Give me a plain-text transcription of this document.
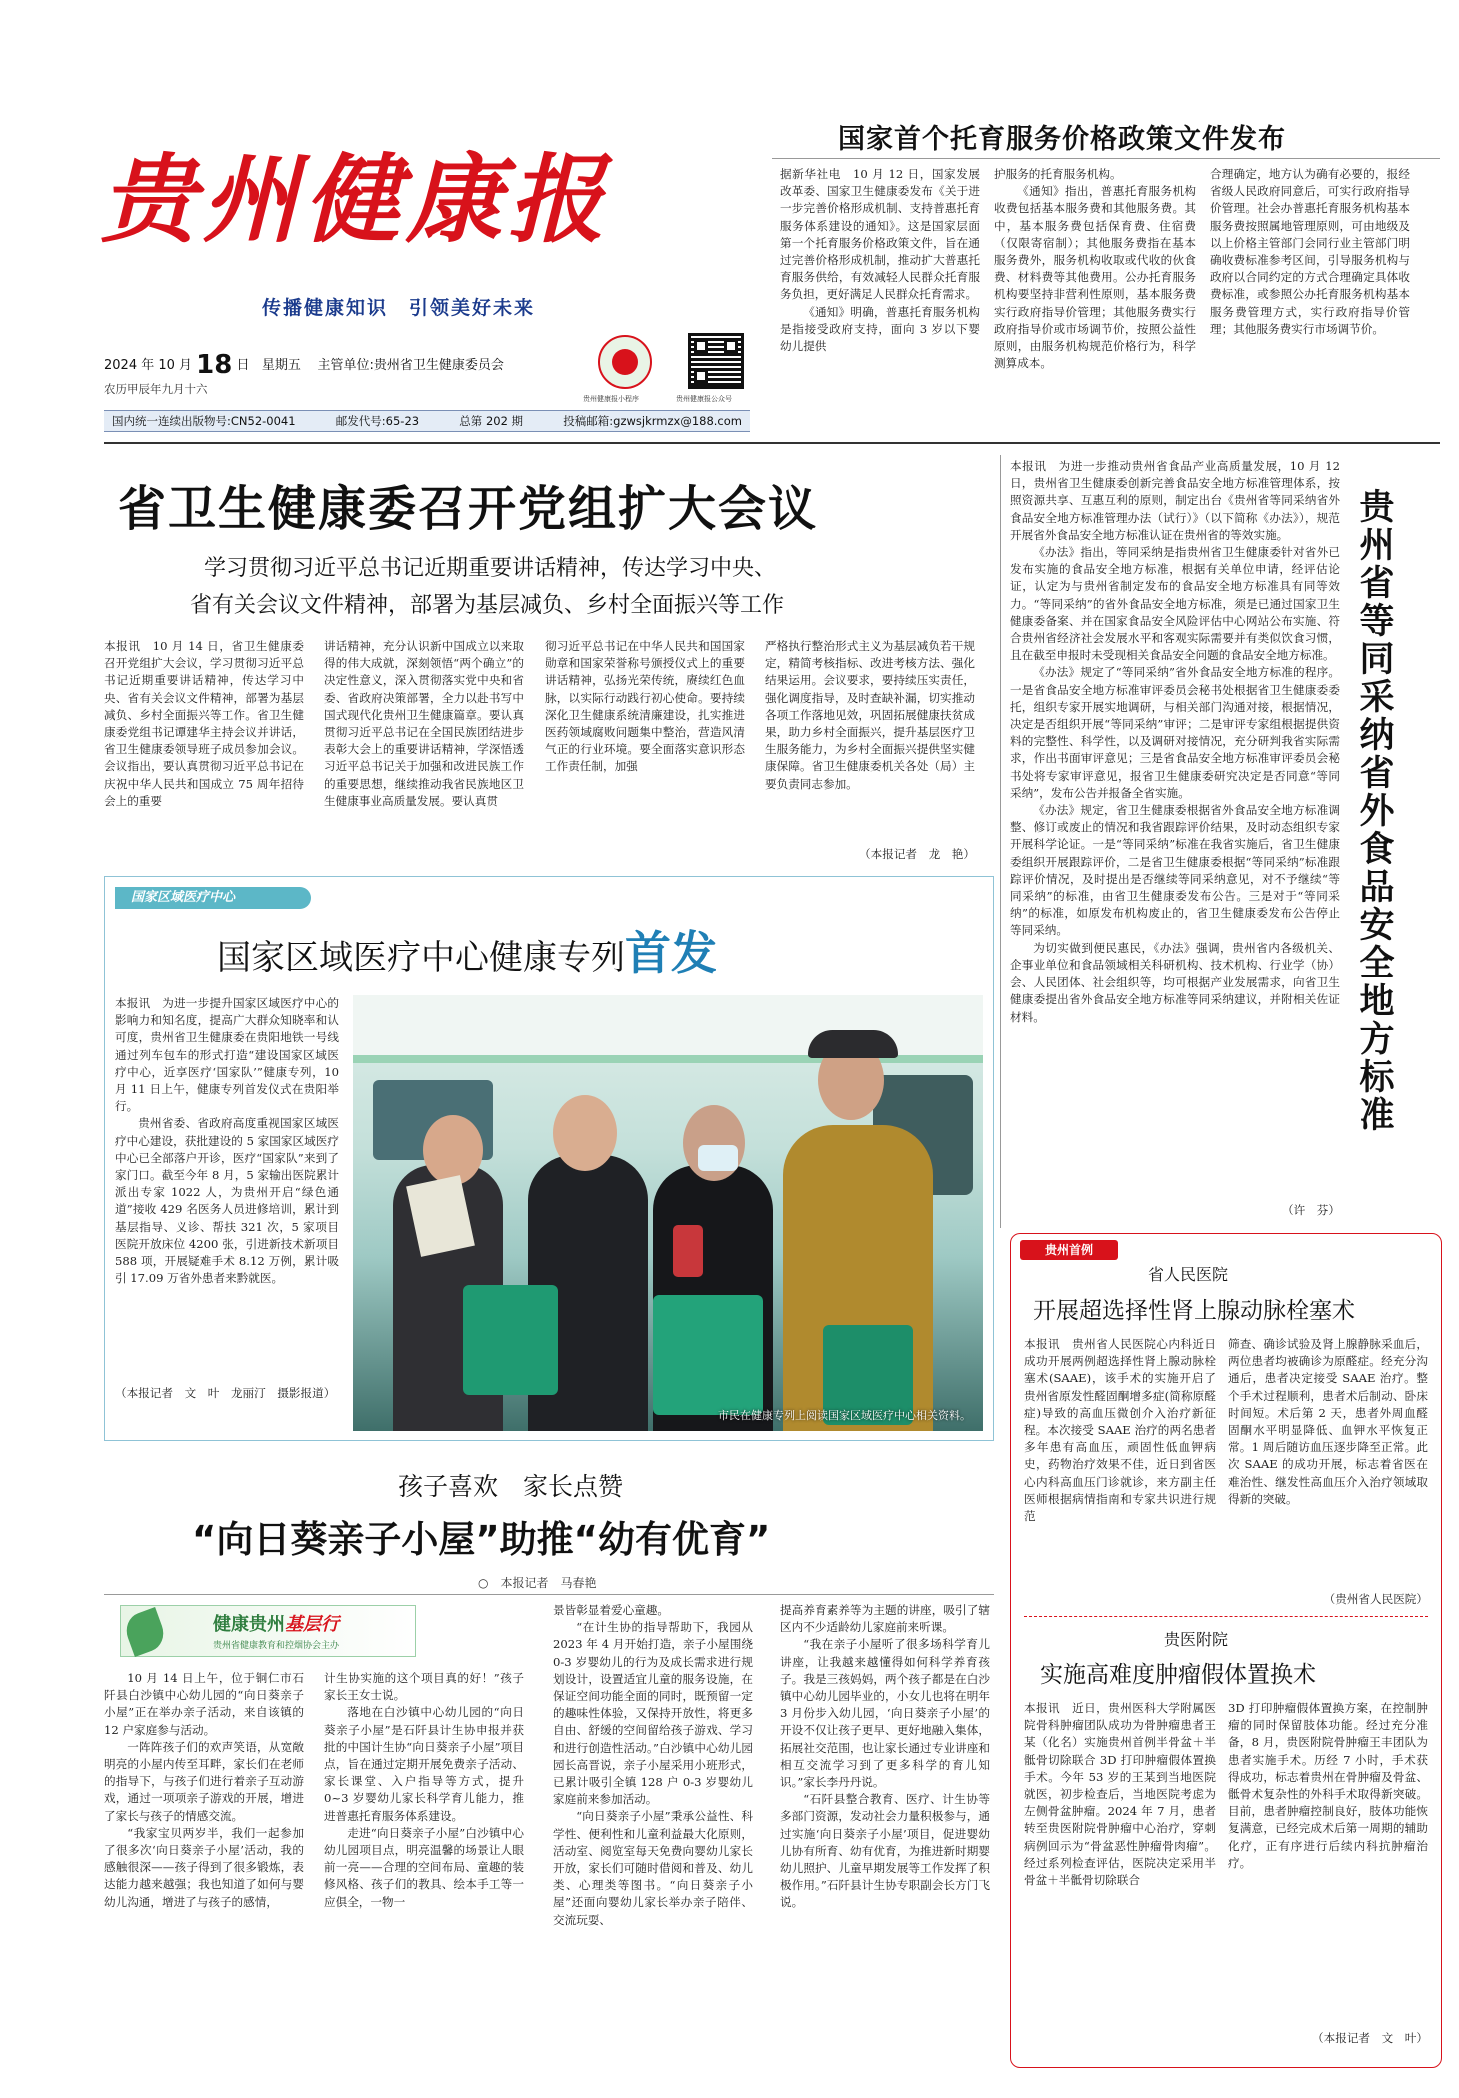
贵州健康报
传播健康知识　引领美好未来
2024 年 10 月 18 日 星期五 主管单位:贵州省卫生健康委员会
农历甲辰年九月十六
贵州健康报小程序	贵州健康报公众号
国内统一连续出版物号:CN52-0041	邮发代号:65-23	总第 202 期	投稿邮箱:gzwsjkrmzx@188.com
国家首个托育服务价格政策文件发布

据新华社电　10 月 12 日，国家发展改革委、国家卫生健康委发布《关于进一步完善价格形成机制、支持普惠托育服务体系建设的通知》。这是国家层面第一个托育服务价格政策文件，旨在通过完善价格形成机制，推动扩大普惠托育服务供给，有效减轻人民群众托育服务负担，更好满足人民群众托育需求。

《通知》明确，普惠托育服务机构是指接受政府支持，面向 3 岁以下婴幼儿提供

护服务的托育服务机构。

《通知》指出，普惠托育服务机构收费包括基本服务费和其他服务费。其中，基本服务费包括保育费、住宿费（仅限寄宿制）；其他服务费指在基本服务费外，服务机构收取或代收的伙食费、材料费等其他费用。公办托育服务机构要坚持非营利性原则，基本服务费实行政府指导价管理；其他服务费实行政府指导价或市场调节价，按照公益性原则，由服务机构规范价格行为，科学测算成本。

合理确定，地方认为确有必要的，报经省级人民政府同意后，可实行政府指导价管理。社会办普惠托育服务机构基本服务费按照属地管理原则，可由地级及以上价格主管部门会同行业主管部门明确收费标准参考区间，引导服务机构与政府以合同约定的方式合理确定具体收费标准，或参照公办托育服务机构基本服务费管理方式，实行政府指导价管理；其他服务费实行市场调节价。

省卫生健康委召开党组扩大会议
学习贯彻习近平总书记近期重要讲话精神，传达学习中央、
省有关会议文件精神，部署为基层减负、乡村全面振兴等工作

本报讯　10 月 14 日，省卫生健康委召开党组扩大会议，学习贯彻习近平总书记近期重要讲话精神，传达学习中央、省有关会议文件精神，部署为基层减负、乡村全面振兴等工作。省卫生健康委党组书记谭建华主持会议并讲话，省卫生健康委领导班子成员参加会议。会议指出，要认真贯彻习近平总书记在庆祝中华人民共和国成立 75 周年招待会上的重要

讲话精神，充分认识新中国成立以来取得的伟大成就，深刻领悟“两个确立”的决定性意义，深入贯彻落实党中央和省委、省政府决策部署，全力以赴书写中国式现代化贵州卫生健康篇章。要认真贯彻习近平总书记在全国民族团结进步表彰大会上的重要讲话精神，学深悟透习近平总书记关于加强和改进民族工作的重要思想，继续推动我省民族地区卫生健康事业高质量发展。要认真贯

彻习近平总书记在中华人民共和国国家勋章和国家荣誉称号颁授仪式上的重要讲话精神，弘扬光荣传统，赓续红色血脉，以实际行动践行初心使命。要持续深化卫生健康系统清廉建设，扎实推进医药领域腐败问题集中整治，营造风清气正的行业环境。要全面落实意识形态工作责任制，加强

严格执行整治形式主义为基层减负若干规定，精简考核指标、改进考核方法、强化结果运用。会议要求，要持续压实责任，强化调度指导，及时查缺补漏，切实推动各项工作落地见效，巩固拓展健康扶贫成果，助力乡村全面振兴，提升基层医疗卫生服务能力，为乡村全面振兴提供坚实健康保障。省卫生健康委机关各处（局）主要负责同志参加。

（本报记者　龙　艳）

本报讯　为进一步推动贵州省食品产业高质量发展，10 月 12 日，贵州省卫生健康委创新完善食品安全地方标准管理体系，按照资源共享、互惠互利的原则，制定出台《贵州省等同采纳省外食品安全地方标准管理办法（试行）》（以下简称《办法》），规范开展省外食品安全地方标准认证在贵州省的等效实施。

《办法》指出，等同采纳是指贵州省卫生健康委针对省外已发布实施的食品安全地方标准，根据有关单位申请，经评估论证，认定为与贵州省制定发布的食品安全地方标准具有同等效力。“等同采纳”的省外食品安全地方标准，须是已通过国家卫生健康委备案、并在国家食品安全风险评估中心网站公布实施、符合贵州省经济社会发展水平和客观实际需要并有类似饮食习惯，且在截至申报时未受现相关食品安全问题的食品安全地方标准。

《办法》规定了“等同采纳”省外食品安全地方标准的程序。一是省食品安全地方标准审评委员会秘书处根据省卫生健康委委托，组织专家开展实地调研，与相关部门沟通对接，根据情况，决定是否组织开展“等同采纳”审评；二是审评专家组根据提供资料的完整性、科学性，以及调研对接情况，充分研判我省实际需求，作出书面审评意见；三是省食品安全地方标准审评委员会秘书处将专家审评意见，报省卫生健康委研究决定是否同意“等同采纳”，发布公告并报备全省实施。

《办法》规定，省卫生健康委根据省外食品安全地方标准调整、修订或废止的情况和我省跟踪评价结果，及时动态组织专家开展科学论证。一是“等同采纳”标准在我省实施后，省卫生健康委组织开展跟踪评价，二是省卫生健康委根据“等同采纳”标准跟踪评价情况，及时提出是否继续等同采纳意见，对不予继续“等同采纳”的标准，由省卫生健康委发布公告。三是对于“等同采纳”的标准，如原发布机构废止的，省卫生健康委发布公告停止等同采纳。

为切实做到便民惠民，《办法》强调，贵州省内各级机关、企事业单位和食品领域相关科研机构、技术机构、行业学（协）会、人民团体、社会组织等，均可根据产业发展需求，向省卫生健康委提出省外食品安全地方标准等同采纳建议，并附相关佐证材料。

（许　芬）
贵州省等同采纳省外食品安全地方标准
国家区域医疗中心
国家区域医疗中心健康专列首发

本报讯　为进一步提升国家区域医疗中心的影响力和知名度，提高广大群众知晓率和认可度，贵州省卫生健康委在贵阳地铁一号线通过列车包车的形式打造“建设国家区域医疗中心，近享医疗‘国家队’”健康专列，10 月 11 日上午，健康专列首发仪式在贵阳举行。

贵州省委、省政府高度重视国家区域医疗中心建设，获批建设的 5 家国家区域医疗中心已全部落户开诊，医疗“国家队”来到了家门口。截至今年 8 月，5 家输出医院累计派出专家 1022 人，为贵州开启“绿色通道”接收 429 名医务人员进修培训，累计到基层指导、义诊、帮扶 321 次，5 家项目医院开放床位 4200 张，引进新技术新项目 588 项，开展疑难手术 8.12 万例，累计吸引 17.09 万省外患者来黔就医。

（本报记者　文　叶　龙丽汀　摄影报道）
市民在健康专列上阅读国家区域医疗中心相关资料。
贵州首例
省人民医院
开展超选择性肾上腺动脉栓塞术

本报讯　贵州省人民医院心内科近日成功开展两例超选择性肾上腺动脉栓塞术(SAAE)，该手术的实施开启了贵州省原发性醛固酮增多症(简称原醛症)导致的高血压微创介入治疗新征程。本次接受 SAAE 治疗的两名患者多年患有高血压，顽固性低血钾病史，药物治疗效果不佳，近日到省医心内科高血压门诊就诊，来方副主任医师根据病情指南和专家共识进行规范

筛查、确诊试验及肾上腺静脉采血后，两位患者均被确诊为原醛症。经充分沟通后，患者决定接受 SAAE 治疗。整个手术过程顺利，患者术后制动、卧床时间短。术后第 2 天，患者外周血醛固酮水平明显降低、血钾水平恢复正常。1 周后随访血压逐步降至正常。此次 SAAE 的成功开展，标志着省医在难治性、继发性高血压介入治疗领域取得新的突破。

（贵州省人民医院）
贵医附院
实施高难度肿瘤假体置换术

本报讯　近日，贵州医科大学附属医院骨科肿瘤团队成功为骨肿瘤患者王某（化名）实施贵州首例半骨盆＋半骶骨切除联合 3D 打印肿瘤假体置换手术。今年 53 岁的王某到当地医院就医，初步检查后，当地医院考虑为左侧骨盆肿瘤。2024 年 7 月，患者转至贵医附院骨肿瘤中心治疗，穿刺病例回示为“骨盆恶性肿瘤骨肉瘤”。经过系列检查评估，医院决定采用半骨盆＋半骶骨切除联合

3D 打印肿瘤假体置换方案，在控制肿瘤的同时保留肢体功能。经过充分准备，8 月，贵医附院骨肿瘤王丰团队为患者实施手术。历经 7 小时，手术获得成功，标志着贵州在骨肿瘤及骨盆、骶骨术复杂性的外科手术取得新突破。目前，患者肿瘤控制良好，肢体功能恢复满意，已经完成术后第一周期的辅助化疗，正有序进行后续内科抗肿瘤治疗。

（本报记者　文　叶）
孩子喜欢　家长点赞
“向日葵亲子小屋”助推“幼有优育”
○　本报记者　马春艳
健康贵州基层行
贵州省健康教育和控烟协会主办

10 月 14 日上午，位于铜仁市石阡县白沙镇中心幼儿园的“向日葵亲子小屋”正在举办亲子活动，来自该镇的 12 户家庭参与活动。

一阵阵孩子们的欢声笑语，从宽敞明亮的小屋内传至耳畔，家长们在老师的指导下，与孩子们进行着亲子互动游戏，通过一项项亲子游戏的开展，增进了家长与孩子的情感交流。

“我家宝贝两岁半，我们一起参加了很多次‘向日葵亲子小屋’活动，我的感触很深——孩子得到了很多锻炼，表达能力越来越强；我也知道了如何与婴幼儿沟通，增进了与孩子的感情，

计生协实施的这个项目真的好！”孩子家长王女士说。

落地在白沙镇中心幼儿园的“向日葵亲子小屋”是石阡县计生协申报并获批的中国计生协“向日葵亲子小屋”项目点，旨在通过定期开展免费亲子活动、家长课堂、入户指导等方式，提升 0~3 岁婴幼儿家长科学育儿能力，推进普惠托育服务体系建设。

走进“向日葵亲子小屋”白沙镇中心幼儿园项目点，明亮温馨的场景让人眼前一亮——合理的空间布局、童趣的装修风格、孩子们的教具、绘本手工等一应俱全，一物一

景皆彰显着爱心童趣。

“在计生协的指导帮助下，我园从 2023 年 4 月开始打造，亲子小屋围绕 0-3 岁婴幼儿的行为及成长需求进行规划设计，设置适宜儿童的服务设施，在保证空间功能全面的同时，既预留一定的趣味性体验，又保持开放性，将更多自由、舒缓的空间留给孩子游戏、学习和进行创造性活动。”白沙镇中心幼儿园园长高晋说，亲子小屋采用小班形式，已累计吸引全镇 128 户 0-3 岁婴幼儿家庭前来参加活动。

“向日葵亲子小屋”秉承公益性、科学性、便利性和儿童利益最大化原则，活动室、阅览室每天免费向婴幼儿家长开放，家长们可随时借阅和普及、幼儿类、心理类等图书。“向日葵亲子小屋”还面向婴幼儿家长举办亲子陪伴、交流玩耍、

提高养育素养等为主题的讲座，吸引了辖区内不少适龄幼儿家庭前来听课。

“我在亲子小屋听了很多场科学育儿讲座，让我越来越懂得如何科学养育孩子。我是三孩妈妈，两个孩子都是在白沙镇中心幼儿园毕业的，小女儿也将在明年 3 月份步入幼儿园，‘向日葵亲子小屋’的开设不仅让孩子更早、更好地融入集体，拓展社交范围，也让家长通过专业讲座和相互交流学习到了更多科学的育儿知识。”家长李丹丹说。

“石阡县整合教育、医疗、计生协等多部门资源，发动社会力量积极参与，通过实施‘向日葵亲子小屋’项目，促进婴幼儿协有所育、幼有优育，为推进新时期婴幼儿照护、儿童早期发展等工作发挥了积极作用。”石阡县计生协专职副会长方门飞说。
